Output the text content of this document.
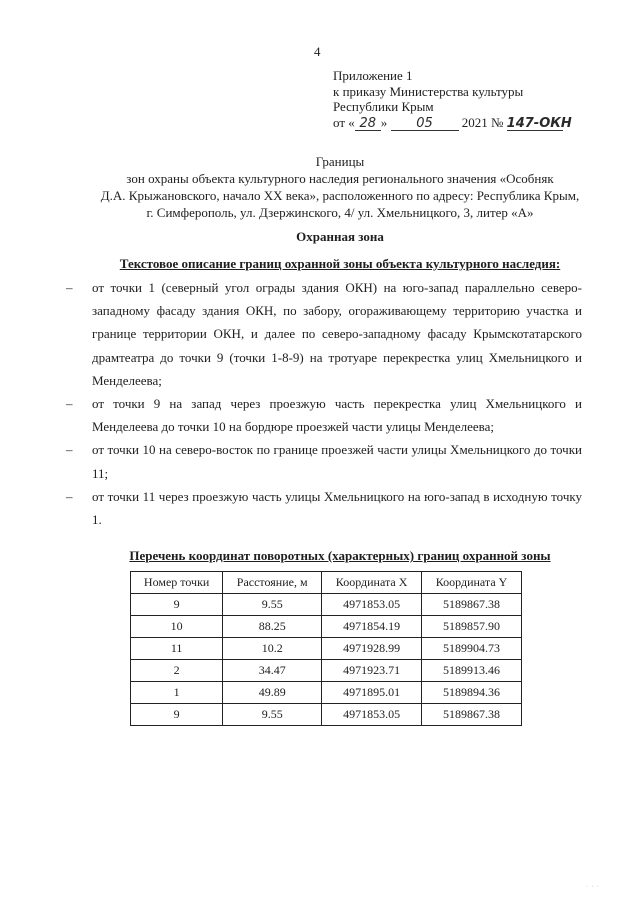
4
Приложение 1
к приказу Министерства культуры
Республики Крым
от « 28 » 05 2021 № 147-ОКН
Границы
зон охраны объекта культурного наследия регионального значения «Особняк
Д.А. Крыжановского, начало XX века», расположенного по адресу: Республика Крым,
г. Симферополь, ул. Дзержинского, 4/ ул. Хмельницкого, 3, литер «А»
Охранная зона
Текстовое описание границ охранной зоны объекта культурного наследия:
– от точки 1 (северный угол ограды здания ОКН) на юго-запад параллельно северо-западному фасаду здания ОКН, по забору, огораживающему территорию участка и границе территории ОКН, и далее по северо-западному фасаду Крымскотатарского драмтеатра до точки 9 (точки 1-8-9) на тротуаре перекрестка улиц Хмельницкого и Менделеева;
– от точки 9 на запад через проезжую часть перекрестка улиц Хмельницкого и Менделеева до точки 10 на бордюре проезжей части улицы Менделеева;
– от точки 10 на северо-восток по границе проезжей части улицы Хмельницкого до точки 11;
– от точки 11 через проезжую часть улицы Хмельницкого на юго-запад в исходную точку 1.
Перечень координат поворотных (характерных) границ охранной зоны
Номер точки	Расстояние, м	Координата X	Координата Y
9	9.55	4971853.05	5189867.38
10	88.25	4971854.19	5189857.90
11	10.2	4971928.99	5189904.73
2	34.47	4971923.71	5189913.46
1	49.89	4971895.01	5189894.36
9	9.55	4971853.05	5189867.38
· · ·
